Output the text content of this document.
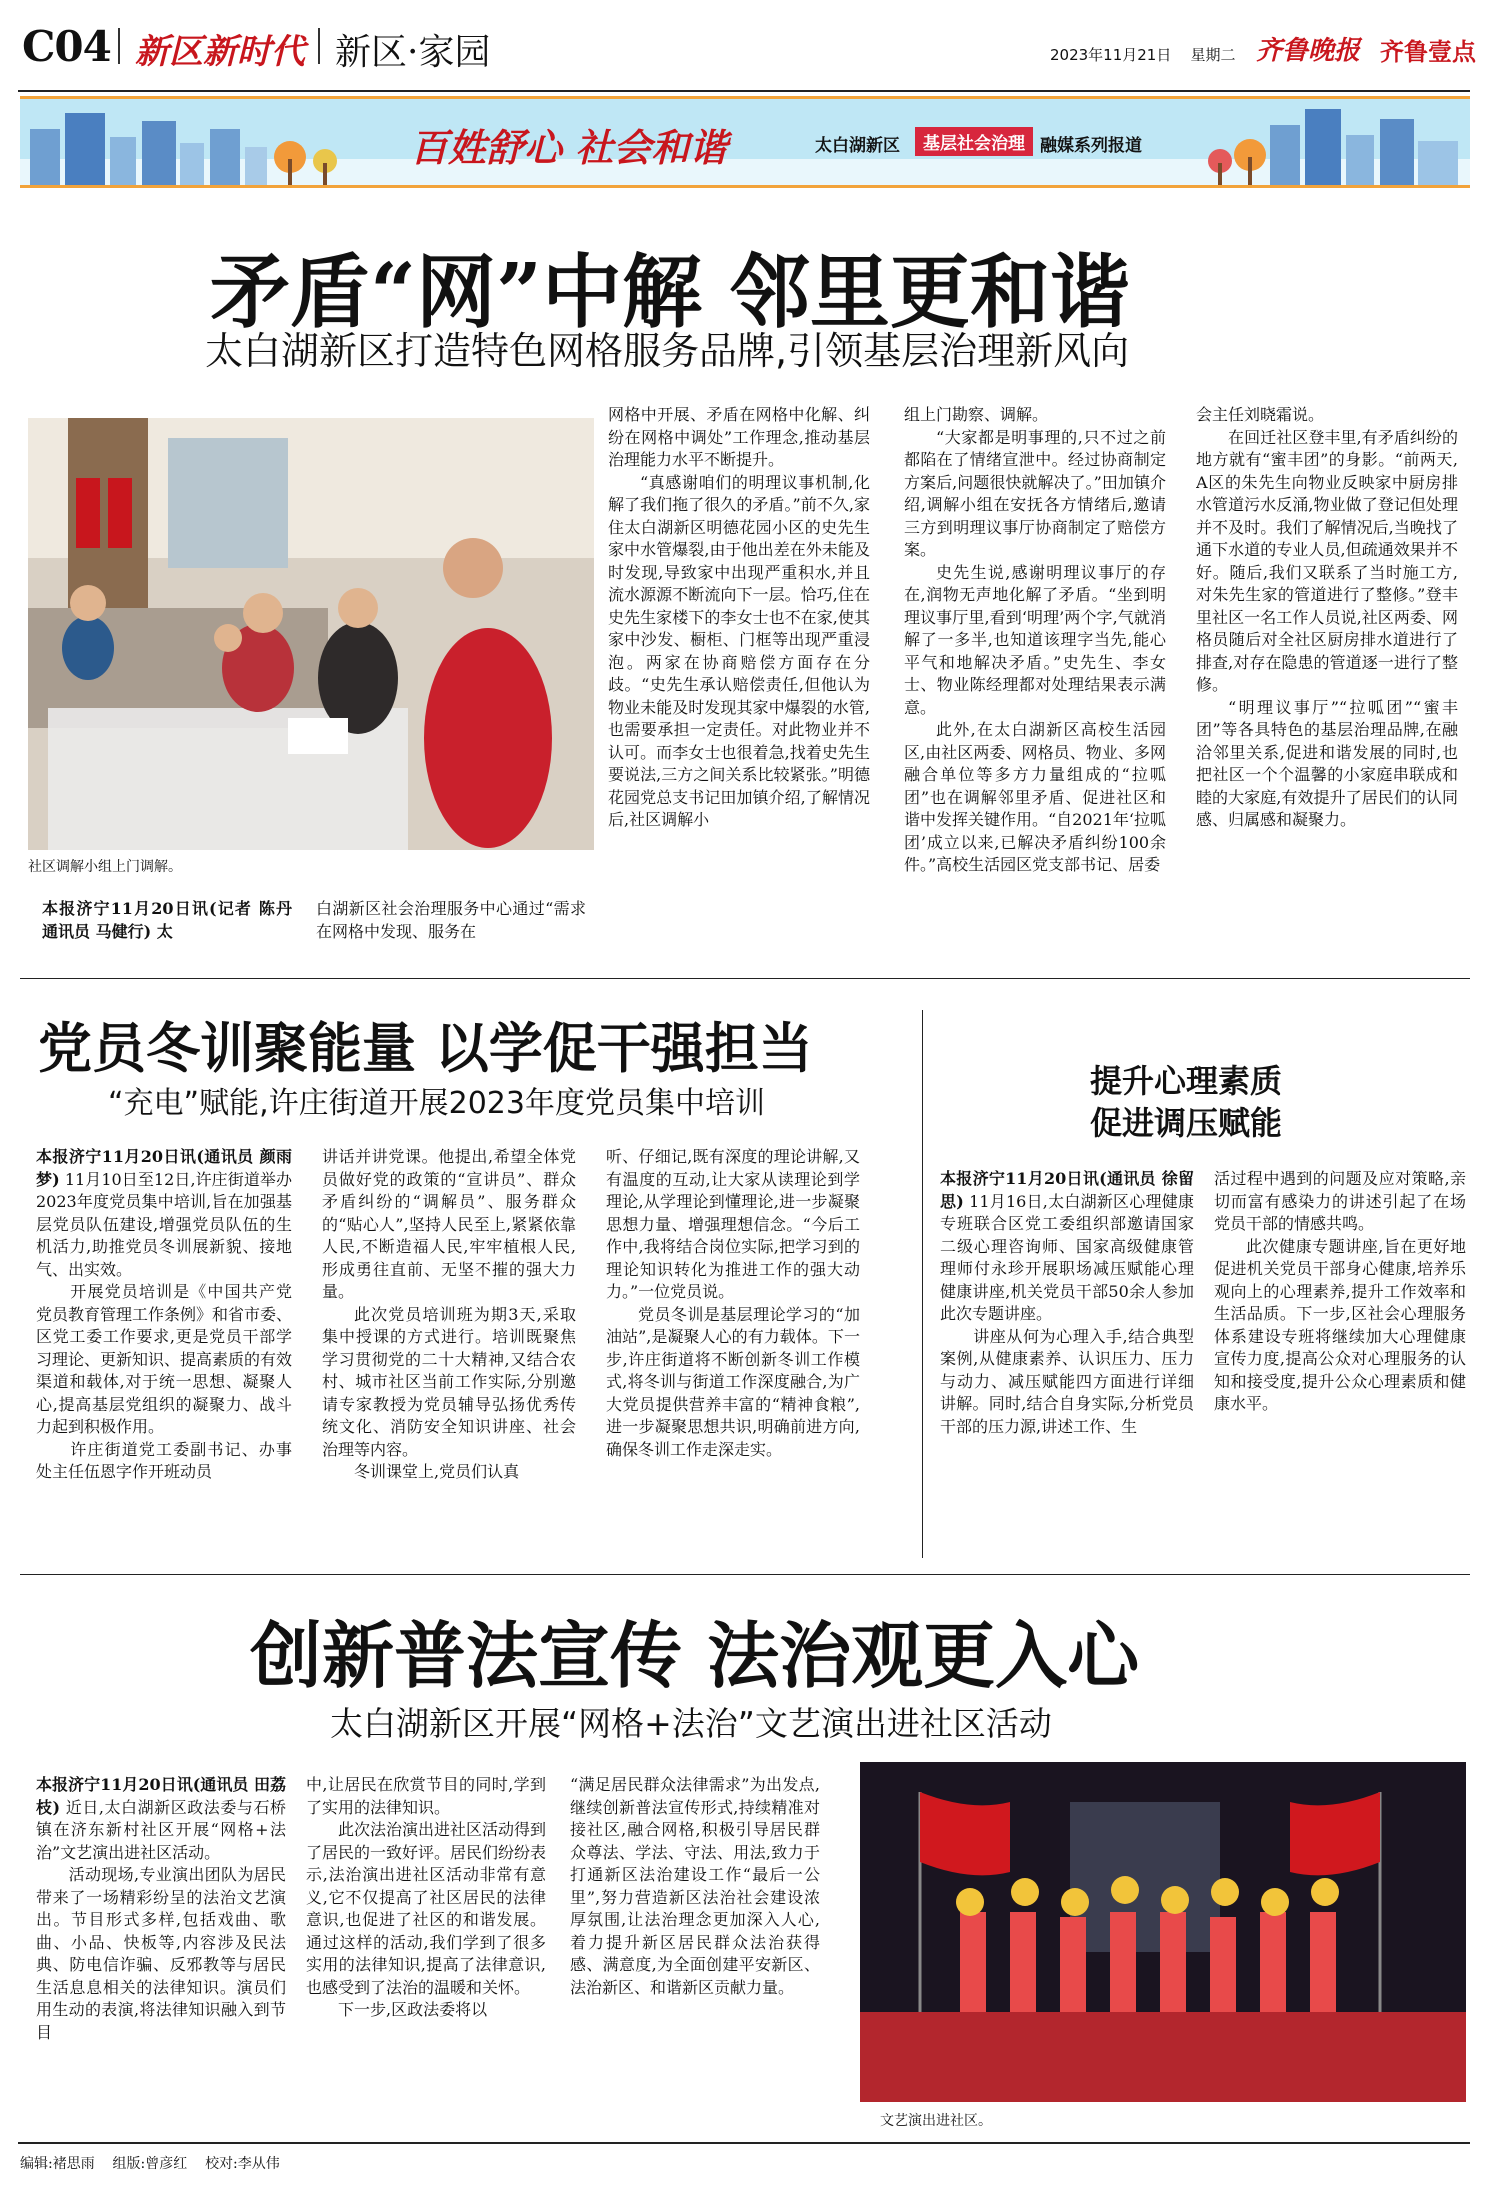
C04 新区新时代 新区·家园	2023年11月21日 星期二 齐鲁晚报 齐鲁壹点
百姓舒心 社会和谐	太白湖新区	基层社会治理 融媒系列报道
矛盾“网”中解 邻里更和谐
太白湖新区打造特色网格服务品牌,引领基层治理新风向
社区调解小组上门调解。
本报济宁11月20日讯(记者 陈丹 通讯员 马健行) 太
白湖新区社会治理服务中心通过“需求在网格中发现、服务在

网格中开展、矛盾在网格中化解、纠纷在网格中调处”工作理念,推动基层治理能力水平不断提升。

“真感谢咱们的明理议事机制,化解了我们拖了很久的矛盾。”前不久,家住太白湖新区明德花园小区的史先生家中水管爆裂,由于他出差在外未能及时发现,导致家中出现严重积水,并且流水源源不断流向下一层。恰巧,住在史先生家楼下的李女士也不在家,使其家中沙发、橱柜、门框等出现严重浸泡。两家在协商赔偿方面存在分歧。“史先生承认赔偿责任,但他认为物业未能及时发现其家中爆裂的水管,也需要承担一定责任。对此物业并不认可。而李女士也很着急,找着史先生要说法,三方之间关系比较紧张。”明德花园党总支书记田加镇介绍,了解情况后,社区调解小

组上门勘察、调解。

“大家都是明事理的,只不过之前都陷在了情绪宣泄中。经过协商制定方案后,问题很快就解决了。”田加镇介绍,调解小组在安抚各方情绪后,邀请三方到明理议事厅协商制定了赔偿方案。

史先生说,感谢明理议事厅的存在,润物无声地化解了矛盾。“坐到明理议事厅里,看到‘明理’两个字,气就消解了一多半,也知道该理字当先,能心平气和地解决矛盾。”史先生、李女士、物业陈经理都对处理结果表示满意。

此外,在太白湖新区高校生活园区,由社区两委、网格员、物业、多网融合单位等多方力量组成的“拉呱团”也在调解邻里矛盾、促进社区和谐中发挥关键作用。“自2021年‘拉呱团’成立以来,已解决矛盾纠纷100余件。”高校生活园区党支部书记、居委

会主任刘晓霜说。

在回迁社区登丰里,有矛盾纠纷的地方就有“蜜丰团”的身影。“前两天,A区的朱先生向物业反映家中厨房排水管道污水反涌,物业做了登记但处理并不及时。我们了解情况后,当晚找了通下水道的专业人员,但疏通效果并不好。随后,我们又联系了当时施工方,对朱先生家的管道进行了整修。”登丰里社区一名工作人员说,社区两委、网格员随后对全社区厨房排水道进行了排查,对存在隐患的管道逐一进行了整修。

“明理议事厅”“拉呱团”“蜜丰团”等各具特色的基层治理品牌,在融洽邻里关系,促进和谐发展的同时,也把社区一个个温馨的小家庭串联成和睦的大家庭,有效提升了居民们的认同感、归属感和凝聚力。

党员冬训聚能量 以学促干强担当
“充电”赋能,许庄街道开展2023年度党员集中培训
本报济宁11月20日讯(通讯员 颜雨梦) 11月10日至12日,许庄街道举办2023年度党员集中培训,旨在加强基层党员队伍建设,增强党员队伍的生机活力,助推党员冬训展新貌、接地气、出实效。
　　开展党员培训是《中国共产党党员教育管理工作条例》和省市委、区党工委工作要求,更是党员干部学习理论、更新知识、提高素质的有效渠道和载体,对于统一思想、凝聚人心,提高基层党组织的凝聚力、战斗力起到积极作用。
　　许庄街道党工委副书记、办事处主任伍恩字作开班动员

讲话并讲党课。他提出,希望全体党员做好党的政策的“宣讲员”、群众矛盾纠纷的“调解员”、服务群众的“贴心人”,坚持人民至上,紧紧依靠人民,不断造福人民,牢牢植根人民,形成勇往直前、无坚不摧的强大力量。

此次党员培训班为期3天,采取集中授课的方式进行。培训既聚焦学习贯彻党的二十大精神,又结合农村、城市社区当前工作实际,分别邀请专家教授为党员辅导弘扬优秀传统文化、消防安全知识讲座、社会治理等内容。

冬训课堂上,党员们认真

听、仔细记,既有深度的理论讲解,又有温度的互动,让大家从读理论到学理论,从学理论到懂理论,进一步凝聚思想力量、增强理想信念。“今后工作中,我将结合岗位实际,把学习到的理论知识转化为推进工作的强大动力。”一位党员说。

党员冬训是基层理论学习的“加油站”,是凝聚人心的有力载体。下一步,许庄街道将不断创新冬训工作模式,将冬训与街道工作深度融合,为广大党员提供营养丰富的“精神食粮”,进一步凝聚思想共识,明确前进方向,确保冬训工作走深走实。

提升心理素质
促进调压赋能
本报济宁11月20日讯(通讯员 徐留思) 11月16日,太白湖新区心理健康专班联合区党工委组织部邀请国家二级心理咨询师、国家高级健康管理师付永珍开展职场减压赋能心理健康讲座,机关党员干部50余人参加此次专题讲座。
　　讲座从何为心理入手,结合典型案例,从健康素养、认识压力、压力与动力、减压赋能四方面进行详细讲解。同时,结合自身实际,分析党员干部的压力源,讲述工作、生

活过程中遇到的问题及应对策略,亲切而富有感染力的讲述引起了在场党员干部的情感共鸣。

此次健康专题讲座,旨在更好地促进机关党员干部身心健康,培养乐观向上的心理素养,提升工作效率和生活品质。下一步,区社会心理服务体系建设专班将继续加大心理健康宣传力度,提高公众对心理服务的认知和接受度,提升公众心理素质和健康水平。

创新普法宣传 法治观更入心
太白湖新区开展“网格+法治”文艺演出进社区活动
本报济宁11月20日讯(通讯员 田荔枝) 近日,太白湖新区政法委与石桥镇在济东新村社区开展“网格+法治”文艺演出进社区活动。
　　活动现场,专业演出团队为居民带来了一场精彩纷呈的法治文艺演出。节目形式多样,包括戏曲、歌曲、小品、快板等,内容涉及民法典、防电信诈骗、反邪教等与居民生活息息相关的法律知识。演员们用生动的表演,将法律知识融入到节目

中,让居民在欣赏节目的同时,学到了实用的法律知识。

此次法治演出进社区活动得到了居民的一致好评。居民们纷纷表示,法治演出进社区活动非常有意义,它不仅提高了社区居民的法律意识,也促进了社区的和谐发展。通过这样的活动,我们学到了很多实用的法律知识,提高了法律意识,也感受到了法治的温暖和关怀。

下一步,区政法委将以

“满足居民群众法律需求”为出发点,继续创新普法宣传形式,持续精准对接社区,融合网格,积极引导居民群众尊法、学法、守法、用法,致力于打通新区法治建设工作“最后一公里”,努力营造新区法治社会建设浓厚氛围,让法治理念更加深入人心,着力提升新区居民群众法治获得感、满意度,为全面创建平安新区、法治新区、和谐新区贡献力量。
文艺演出进社区。
编辑:褚思雨 组版:曾彦红 校对:李从伟
